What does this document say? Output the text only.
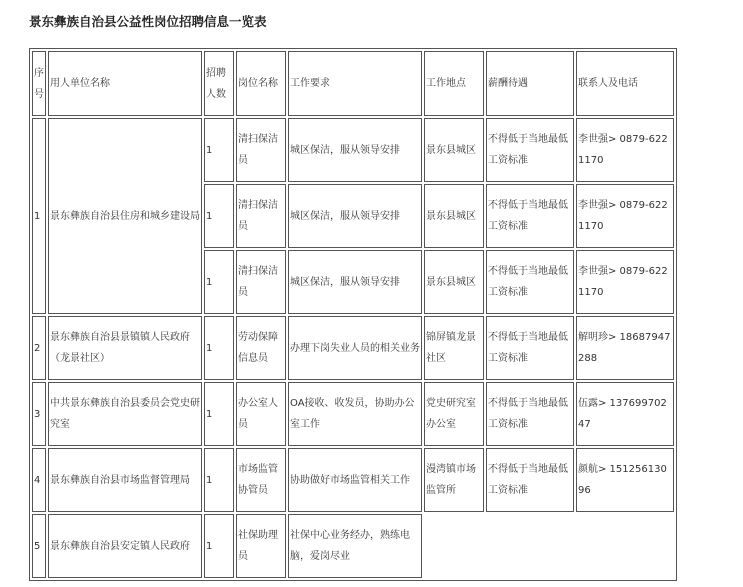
景东彝族自治县公益性岗位招聘信息一览表
序号	用人单位名称	招聘人数	岗位名称	工作要求	工作地点	薪酬待遇	联系人及电话
1	景东彝族自治县住房和城乡建设局	1	清扫保洁员	城区保洁，服从领导安排	景东县城区	不得低于当地最低工资标准	李世强> 0879-6221170
		1	清扫保洁员	城区保洁，服从领导安排	景东县城区	不得低于当地最低工资标准	李世强> 0879-6221170
		1	清扫保洁员	城区保洁，服从领导安排	景东县城区	不得低于当地最低工资标准	李世强> 0879-6221170
2	景东彝族自治县景镇镇人民政府（龙景社区）	1	劳动保障信息员	办理下岗失业人员的相关业务	锦屏镇龙景社区	不得低于当地最低工资标准	解明珍> 18687947288
3	中共景东彝族自治县委员会党史研究室	1	办公室人员	OA接收、收发员，协助办公室工作	党史研究室办公室	不得低于当地最低工资标准	伍露> 13769970247
4	景东彝族自治县市场监督管理局	1	市场监管协管员	协助做好市场监管相关工作	漫湾镇市场监管所	不得低于当地最低工资标准	颜航> 15125613096
5	景东彝族自治县安定镇人民政府	1	社保助理员	社保中心业务经办，熟练电脑，爱岗尽业			
